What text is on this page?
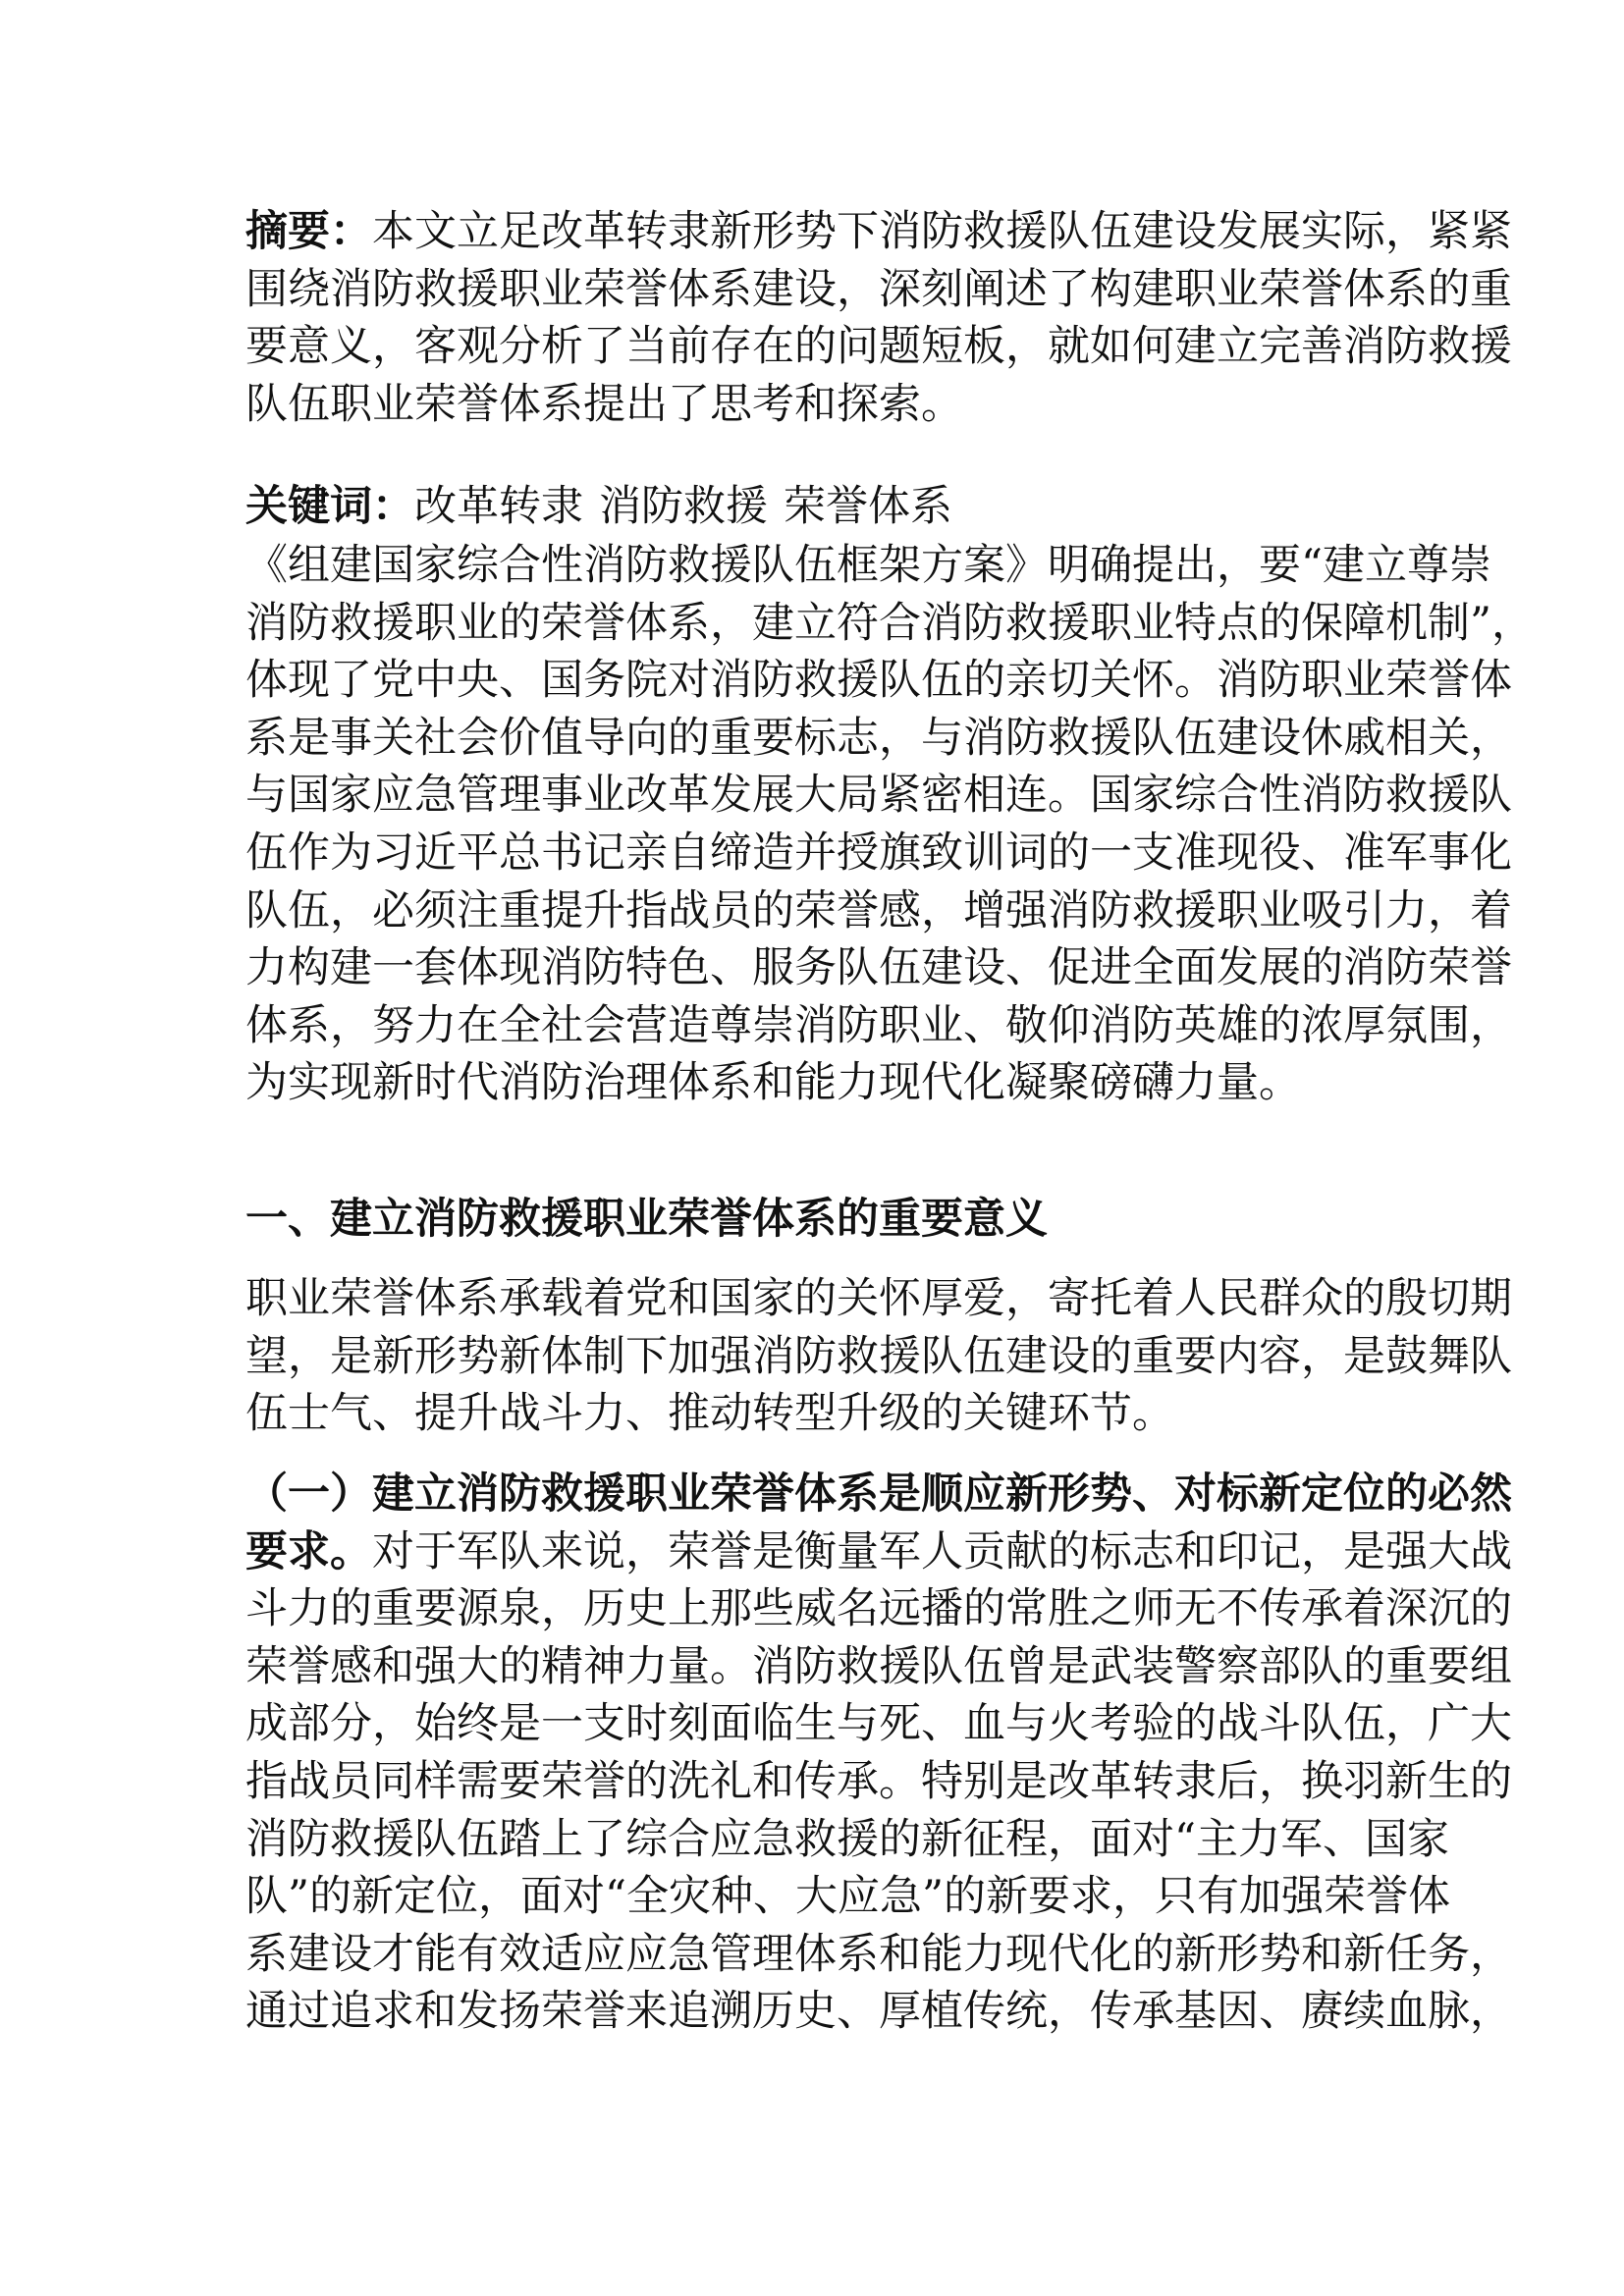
摘要：本文立足改革转隶新形势下消防救援队伍建设发展实际，紧紧
围绕消防救援职业荣誉体系建设，深刻阐述了构建职业荣誉体系的重
要意义，客观分析了当前存在的问题短板，就如何建立完善消防救援
队伍职业荣誉体系提出了思考和探索。
关键词：改革转隶 消防救援 荣誉体系
《组建国家综合性消防救援队伍框架方案》明确提出，要“建立尊崇
消防救援职业的荣誉体系，建立符合消防救援职业特点的保障机制”，
体现了党中央、国务院对消防救援队伍的亲切关怀。消防职业荣誉体
系是事关社会价值导向的重要标志，与消防救援队伍建设休戚相关，
与国家应急管理事业改革发展大局紧密相连。国家综合性消防救援队
伍作为习近平总书记亲自缔造并授旗致训词的一支准现役、准军事化
队伍，必须注重提升指战员的荣誉感，增强消防救援职业吸引力，着
力构建一套体现消防特色、服务队伍建设、促进全面发展的消防荣誉
体系，努力在全社会营造尊崇消防职业、敬仰消防英雄的浓厚氛围，
为实现新时代消防治理体系和能力现代化凝聚磅礴力量。
一、建立消防救援职业荣誉体系的重要意义
职业荣誉体系承载着党和国家的关怀厚爱，寄托着人民群众的殷切期
望，是新形势新体制下加强消防救援队伍建设的重要内容，是鼓舞队
伍士气、提升战斗力、推动转型升级的关键环节。
（一）建立消防救援职业荣誉体系是顺应新形势、对标新定位的必然
要求。对于军队来说，荣誉是衡量军人贡献的标志和印记，是强大战
斗力的重要源泉，历史上那些威名远播的常胜之师无不传承着深沉的
荣誉感和强大的精神力量。消防救援队伍曾是武装警察部队的重要组
成部分，始终是一支时刻面临生与死、血与火考验的战斗队伍，广大
指战员同样需要荣誉的洗礼和传承。特别是改革转隶后，换羽新生的
消防救援队伍踏上了综合应急救援的新征程，面对“主力军、国家
队”的新定位，面对“全灾种、大应急”的新要求，只有加强荣誉体
系建设才能有效适应应急管理体系和能力现代化的新形势和新任务，
通过追求和发扬荣誉来追溯历史、厚植传统，传承基因、赓续血脉，
